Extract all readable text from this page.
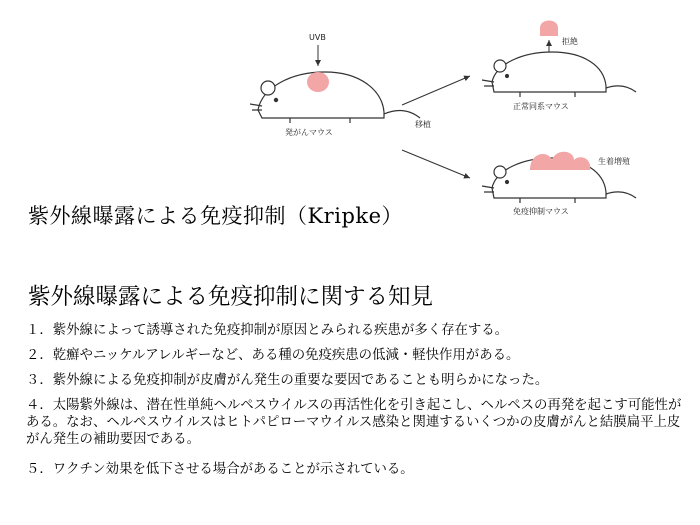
UVB
発がんマウス
移植
拒絶
正常同系マウス
生着増殖
免疫抑制マウス
紫外線曝露による免疫抑制（Kripke）
紫外線曝露による免疫抑制に関する知見
１．紫外線によって誘導された免疫抑制が原因とみられる疾患が多く存在する。
２．乾癬やニッケルアレルギーなど、ある種の免疫疾患の低減・軽快作用がある。
３．紫外線による免疫抑制が皮膚がん発生の重要な要因であることも明らかになった。
４．太陽紫外線は、潜在性単純ヘルペスウイルスの再活性化を引き起こし、ヘルペスの再発を起こす可能性がある。なお、ヘルペスウイルスはヒトパピローマウイルス感染と関連するいくつかの皮膚がんと結膜扁平上皮がん発生の補助要因である。
５．ワクチン効果を低下させる場合があることが示されている。
